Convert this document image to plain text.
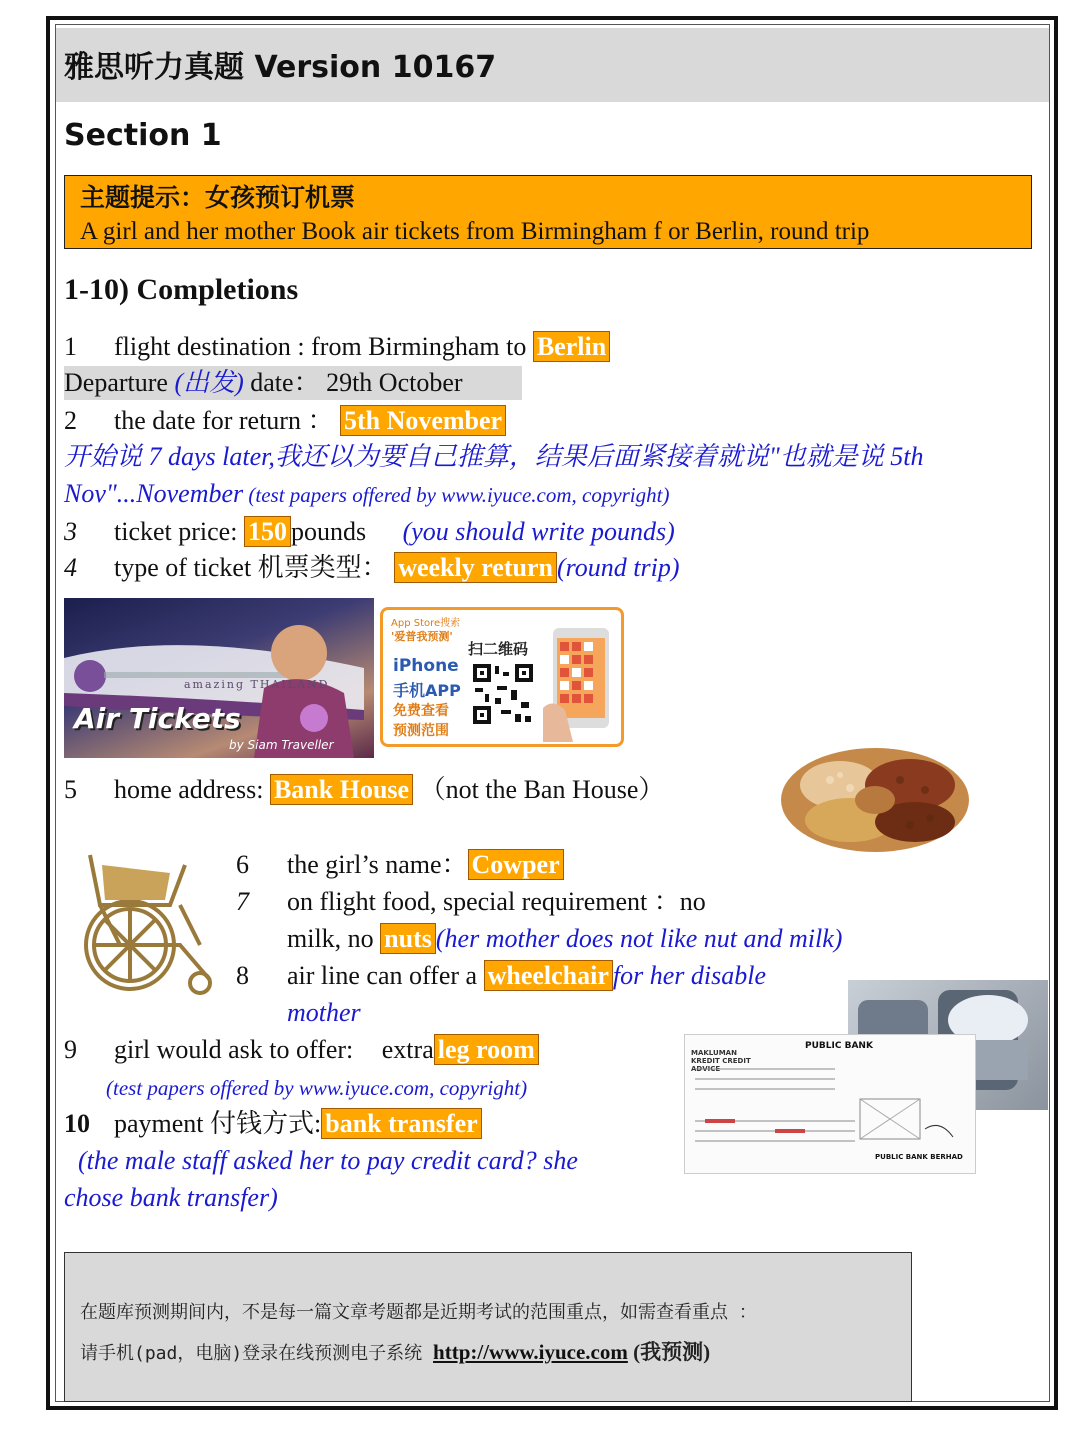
雅思听力真题 Version 10167
Section 1
主题提示：女孩预订机票
A girl and her mother Book air tickets from Birmingham f or Berlin, round trip
1-10) Completions
1 flight destination : from Birmingham to Berlin
Departure (出发) date： 29th October
2 the date for return ： 5th November
开始说 7 days later,我还以为要自己推算，结果后面紧接着就说"也就是说 5th
Nov"...November (test papers offered by www.iyuce.com, copyright)
3 ticket price: 150 pounds (you should write pounds)
4 type of ticket 机票类型： weekly return (round trip)
amazing THAILAND
Air Tickets
by Siam Traveller
App Store搜索
'爱普我预测'
扫二维码
iPhone
手机APP
免费查看
预测范围
5 home address: Bank House （not the Ban House）
6 the girl’s name： Cowper
7 on flight food, special requirement ：no
milk, no nuts (her mother does not like nut and milk)
8 air line can offer a wheelchair for her disable
mother
9 girl would ask to offer: extra leg room
(test papers offered by www.iyuce.com, copyright)
MAKLUMAN KREDIT CREDIT ADVICE
PUBLIC BANK
PUBLIC BANK BERHAD
10 payment 付钱方式: bank transfer
(the male staff asked her to pay credit card? she
chose bank transfer)
在题库预测期间内，不是每一篇文章考题都是近期考试的范围重点，如需查看重点 ：
请手机(pad，电脑)登录在线预测电子系统 http://www.iyuce.com (我预测)
